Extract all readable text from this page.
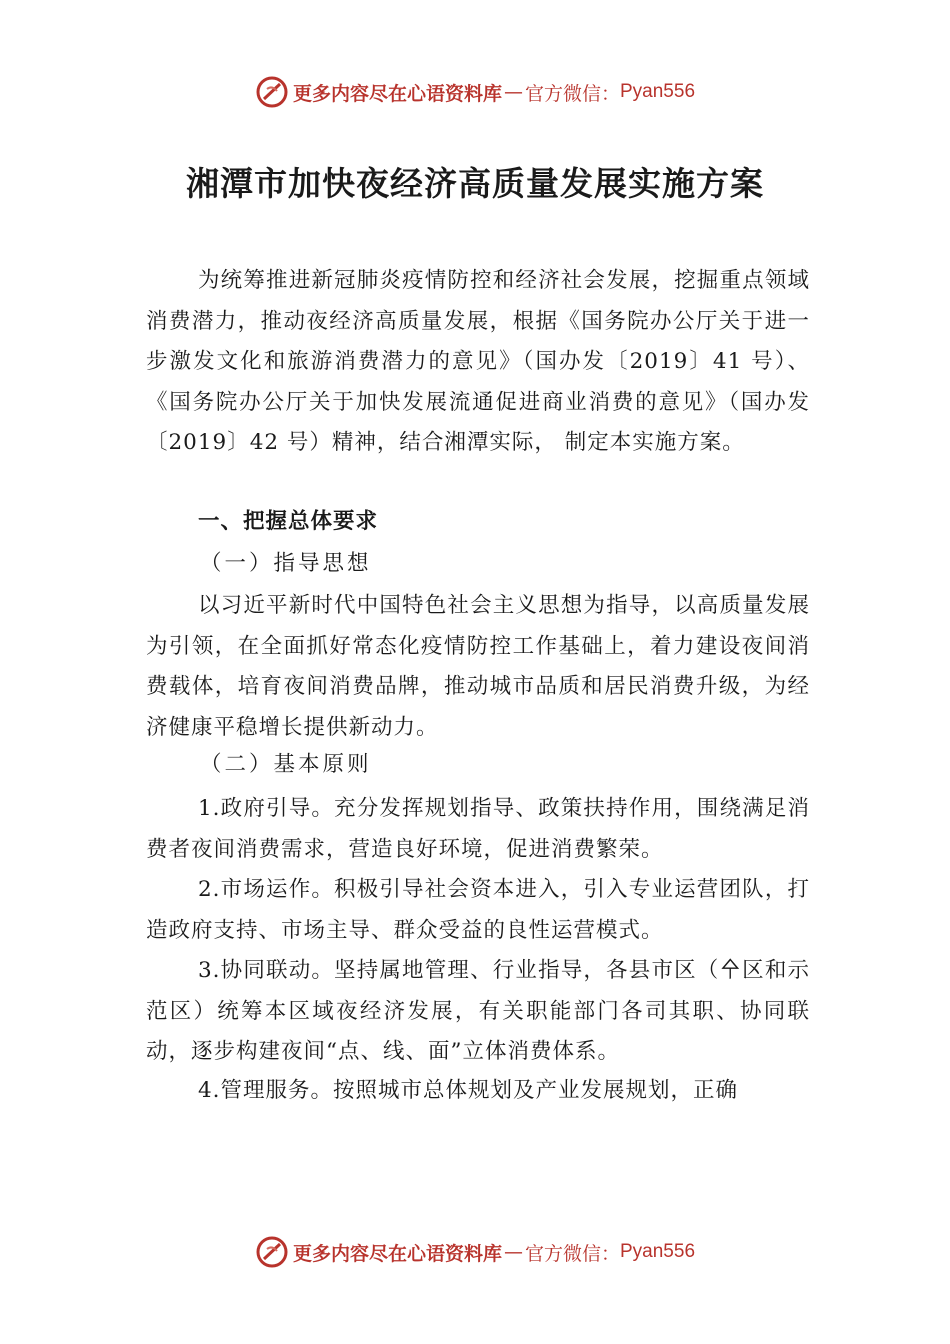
更多内容尽在心语资料库 — 官方微信： Pyan556
湘潭市加快夜经济高质量发展实施方案

为统筹推进新冠肺炎疫情防控和经济社会发展，挖掘重点领域消费潜力，推动夜经济高质量发展，根据《国务院办公厅关于进一步激发文化和旅游消费潜力的意见》（国办发〔2019〕41 号）、《国务院办公厅关于加快发展流通促进商业消费的意见》（国办发〔2019〕42 号）精神，结合湘潭实际， 制定本实施方案。

一、把握总体要求

（一）指导思想

以习近平新时代中国特色社会主义思想为指导，以高质量发展为引领，在全面抓好常态化疫情防控工作基础上，着力建设夜间消费载体，培育夜间消费品牌，推动城市品质和居民消费升级，为经济健康平稳增长提供新动力。

（二）基本原则

1.政府引导。充分发挥规划指导、政策扶持作用，围绕满足消费者夜间消费需求，营造良好环境，促进消费繁荣。

2.市场运作。积极引导社会资本进入，引入专业运营团队，打造政府支持、市场主导、群众受益的良性运营模式。

3.协同联动。坚持属地管理、行业指导，各县市区（㐃区和示范区）统筹本区域夜经济发展，有关职能部门各司其职、协同联动，逐步构建夜间“点、线、面”立体消费体系。

4.管理服务。按照城市总体规划及产业发展规划，正确

更多内容尽在心语资料库 — 官方微信： Pyan556
